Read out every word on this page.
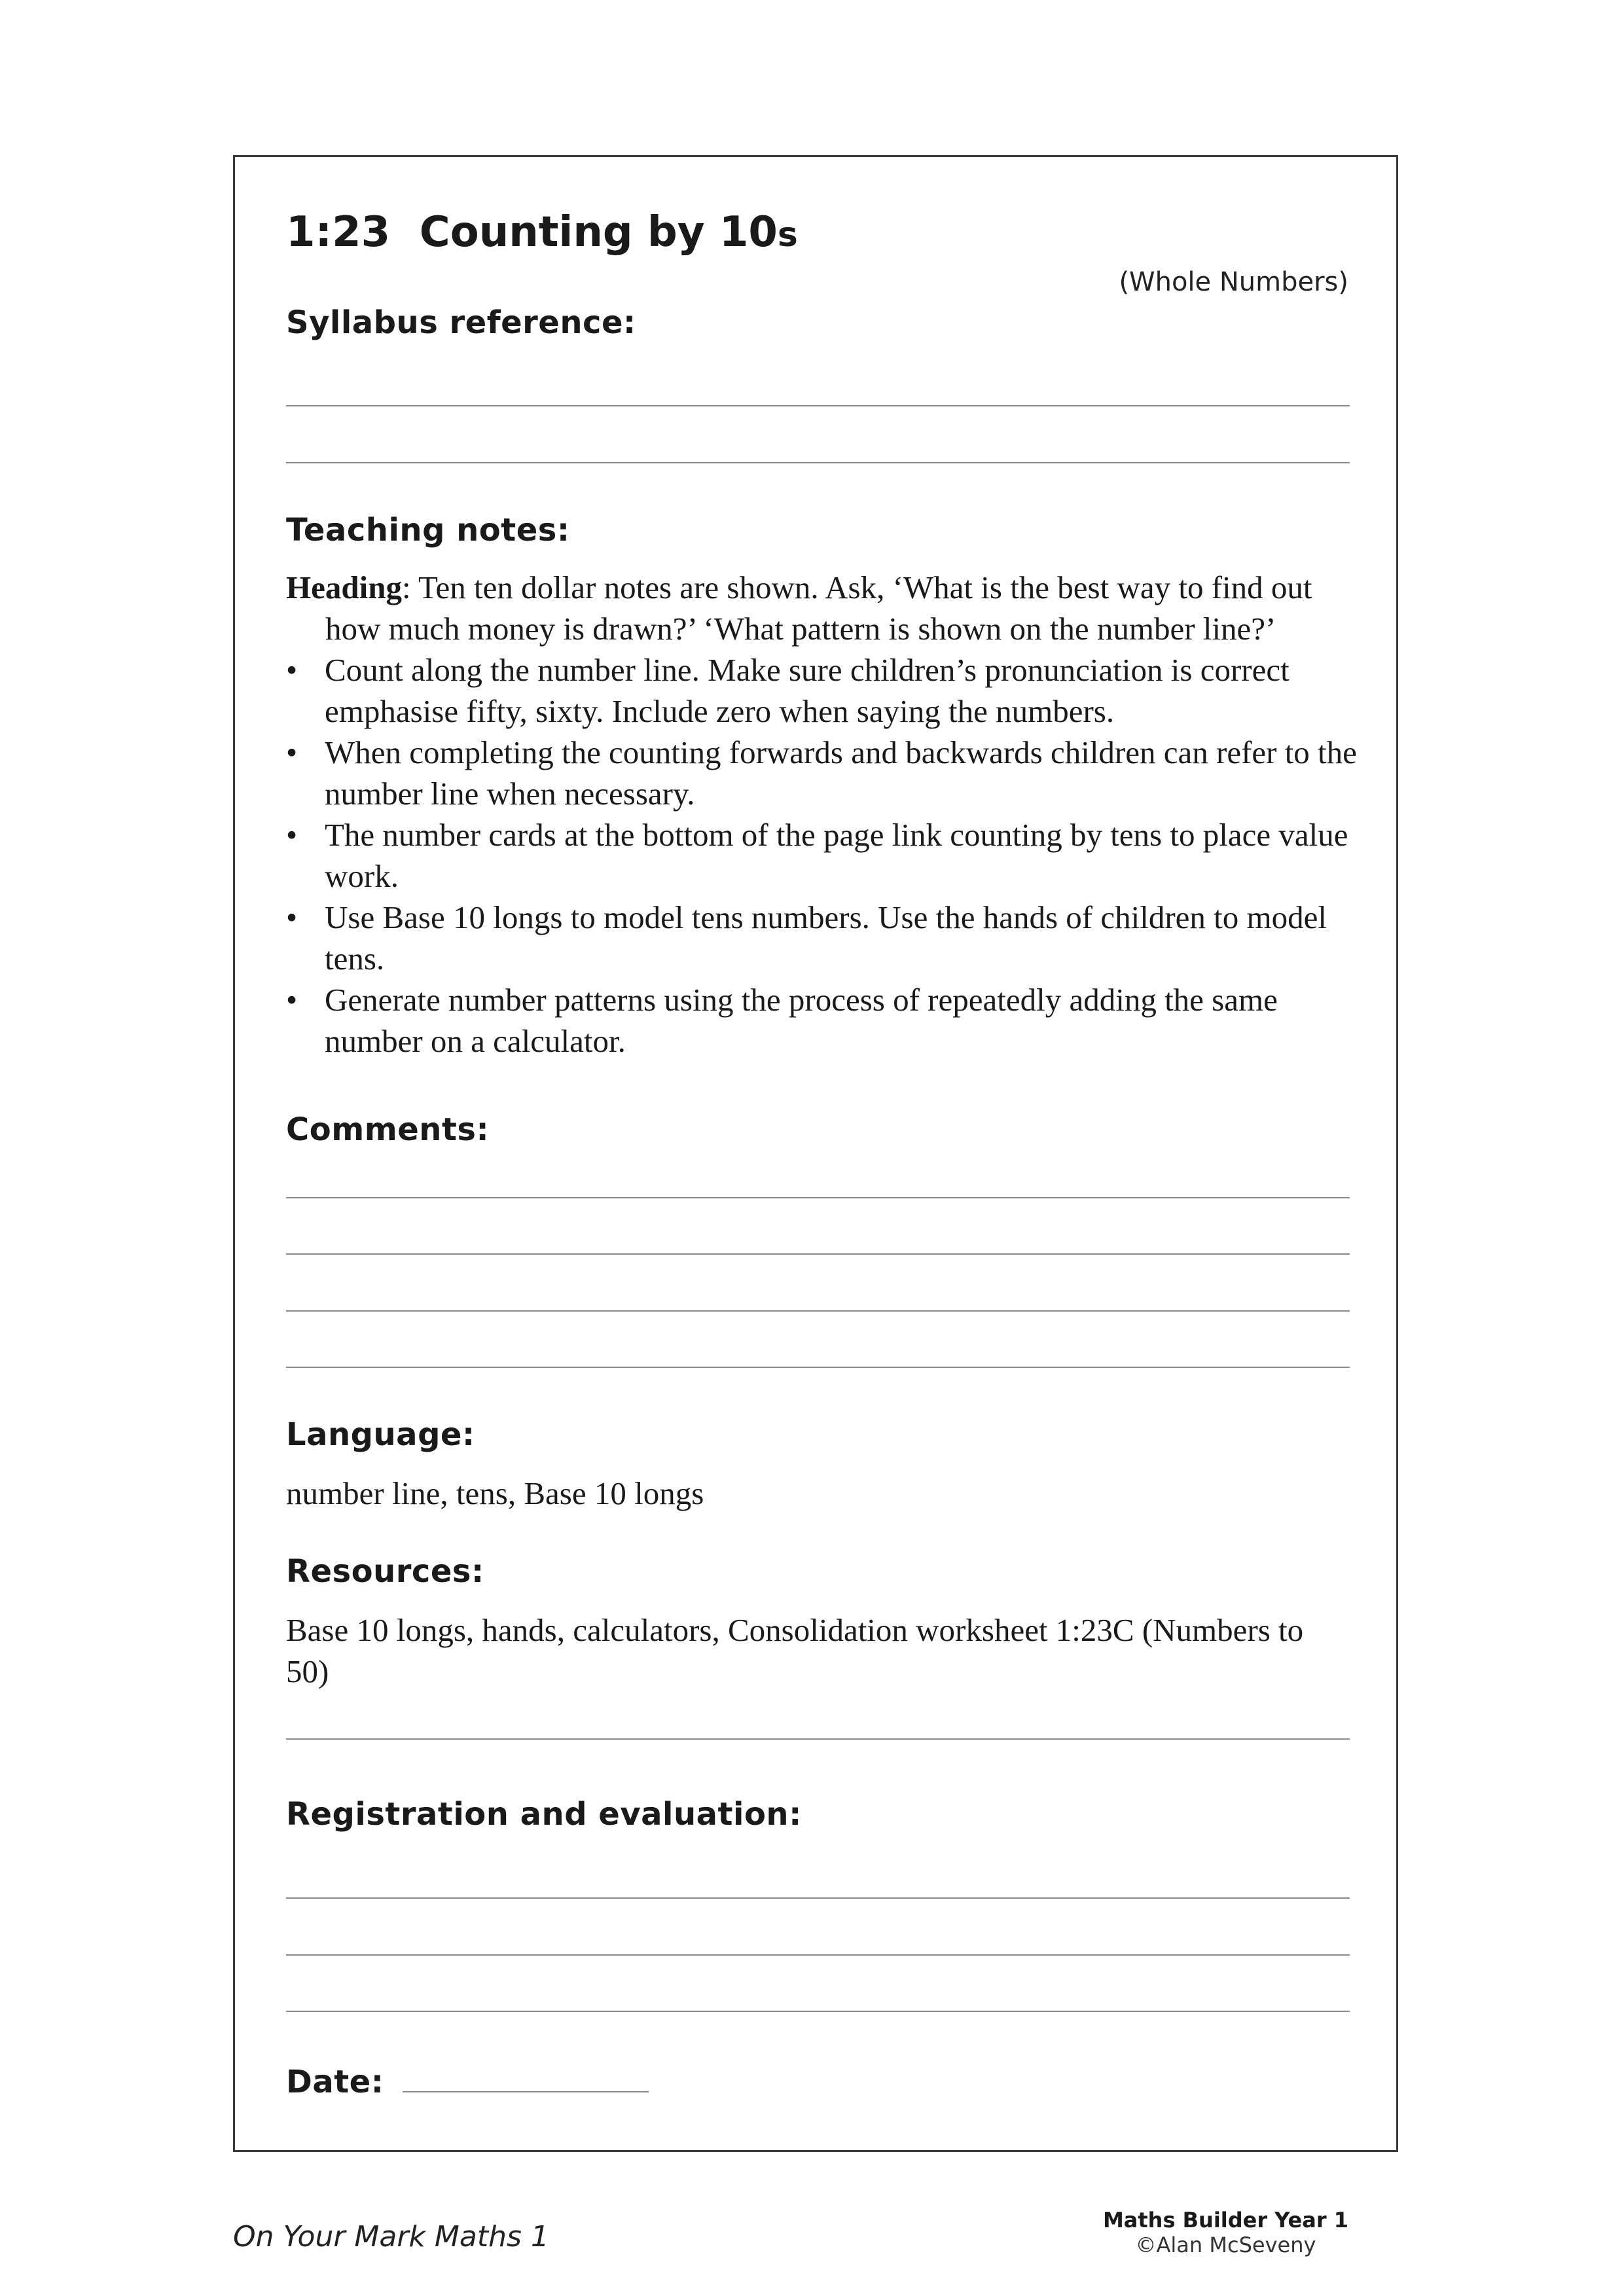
1:23 Counting by 10s
(Whole Numbers)
Syllabus reference:
Teaching notes:

Heading: Ten ten dollar notes are shown. Ask, ‘What is the best way to find out how much money is drawn?’ ‘What pattern is shown on the number line?’

• Count along the number line. Make sure children’s pronunciation is correct emphasise fifty, sixty. Include zero when saying the numbers.
• When completing the counting forwards and backwards children can refer to the number line when necessary.
• The number cards at the bottom of the page link counting by tens to place value work.
• Use Base 10 longs to model tens numbers. Use the hands of children to model tens.
• Generate number patterns using the process of repeatedly adding the same number on a calculator.
Comments:
Language:
number line, tens, Base 10 longs
Resources:
Base 10 longs, hands, calculators, Consolidation worksheet 1:23C (Numbers to 50)
Registration and evaluation:
Date:
On Your Mark Maths 1	Maths Builder Year 1
©Alan McSeveny
